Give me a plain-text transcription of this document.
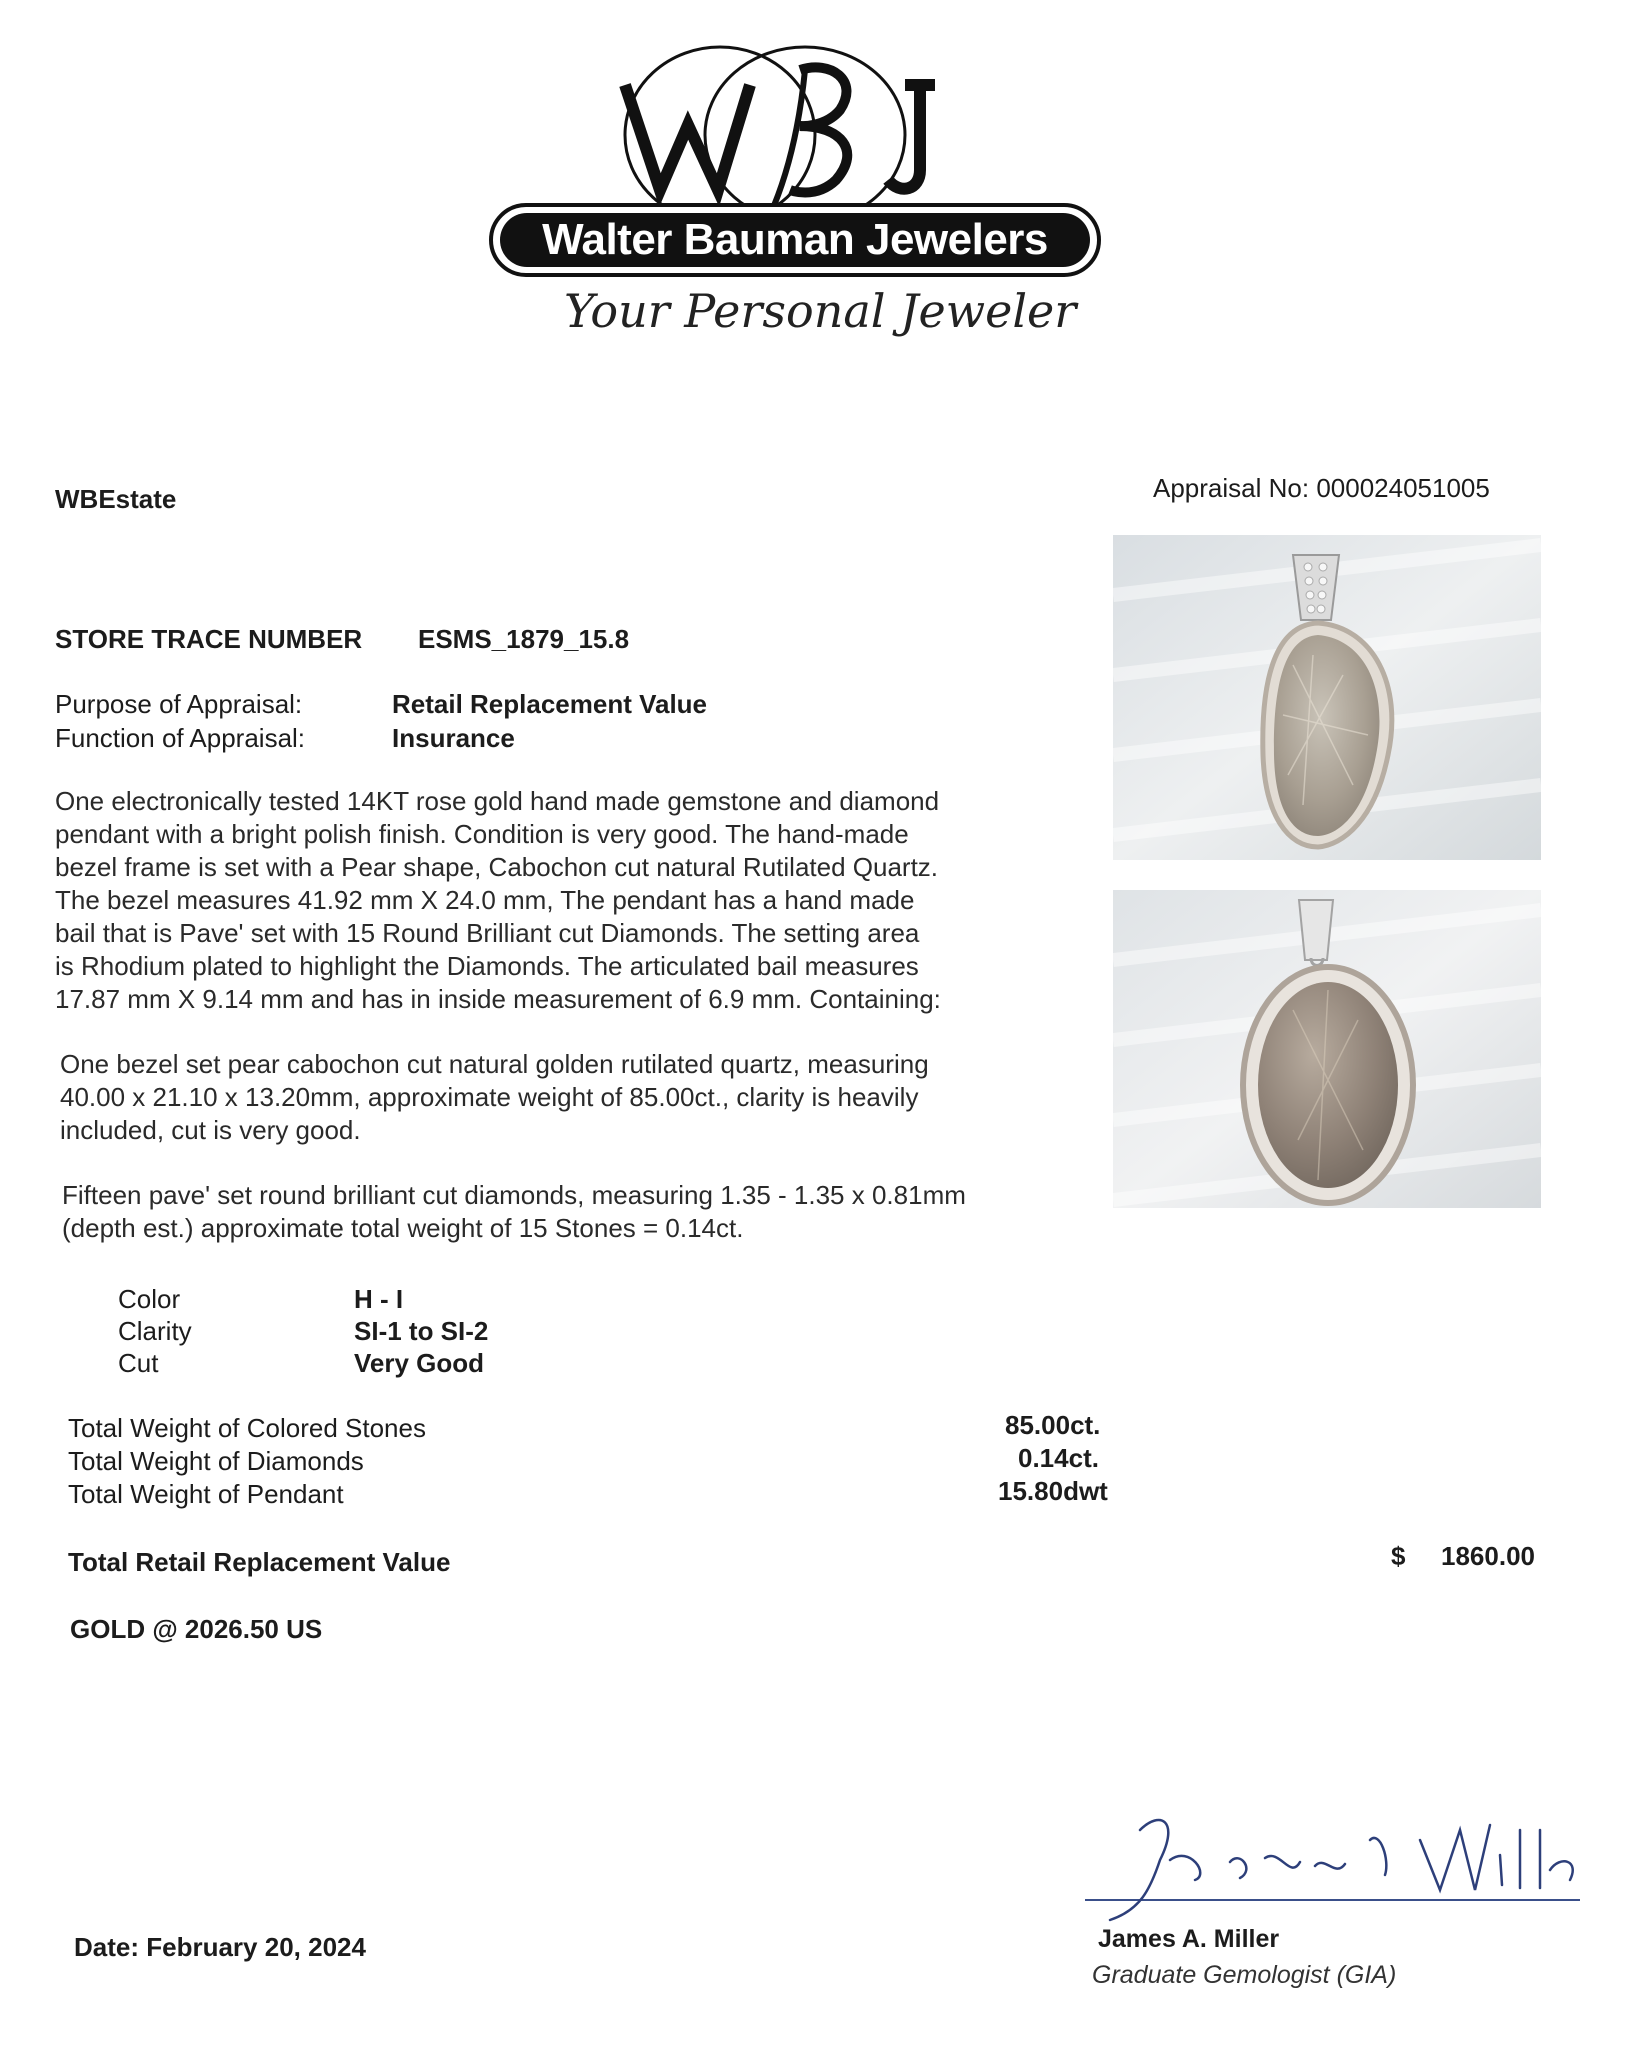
Walter Bauman Jewelers
Your Personal Jeweler
WBEstate	Appraisal No: 000024051005
STORE TRACE NUMBER ESMS_1879_15.8
Purpose of Appraisal:	Retail Replacement Value
Function of Appraisal:	Insurance
One electronically tested 14KT rose gold hand made gemstone and diamond
pendant with a bright polish finish. Condition is very good. The hand-made
bezel frame is set with a Pear shape, Cabochon cut natural Rutilated Quartz.
The bezel measures 41.92 mm X 24.0 mm, The pendant has a hand made
bail that is Pave' set with 15 Round Brilliant cut Diamonds. The setting area
is Rhodium plated to highlight the Diamonds. The articulated bail measures
17.87 mm X 9.14 mm and has in inside measurement of 6.9 mm. Containing:
One bezel set pear cabochon cut natural golden rutilated quartz, measuring
40.00 x 21.10 x 13.20mm, approximate weight of 85.00ct., clarity is heavily
included, cut is very good.
Fifteen pave' set round brilliant cut diamonds, measuring 1.35 - 1.35 x 0.81mm
(depth est.) approximate total weight of 15 Stones = 0.14ct.
Color	H - I
Clarity	SI-1 to SI-2
Cut	Very Good
Total Weight of Colored Stones	85.00ct.
Total Weight of Diamonds	0.14ct.
Total Weight of Pendant	15.80dwt
Total Retail Replacement Value	$ 1860.00
GOLD @ 2026.50 US
Date: February 20, 2024	James A. Miller
Graduate Gemologist (GIA)
